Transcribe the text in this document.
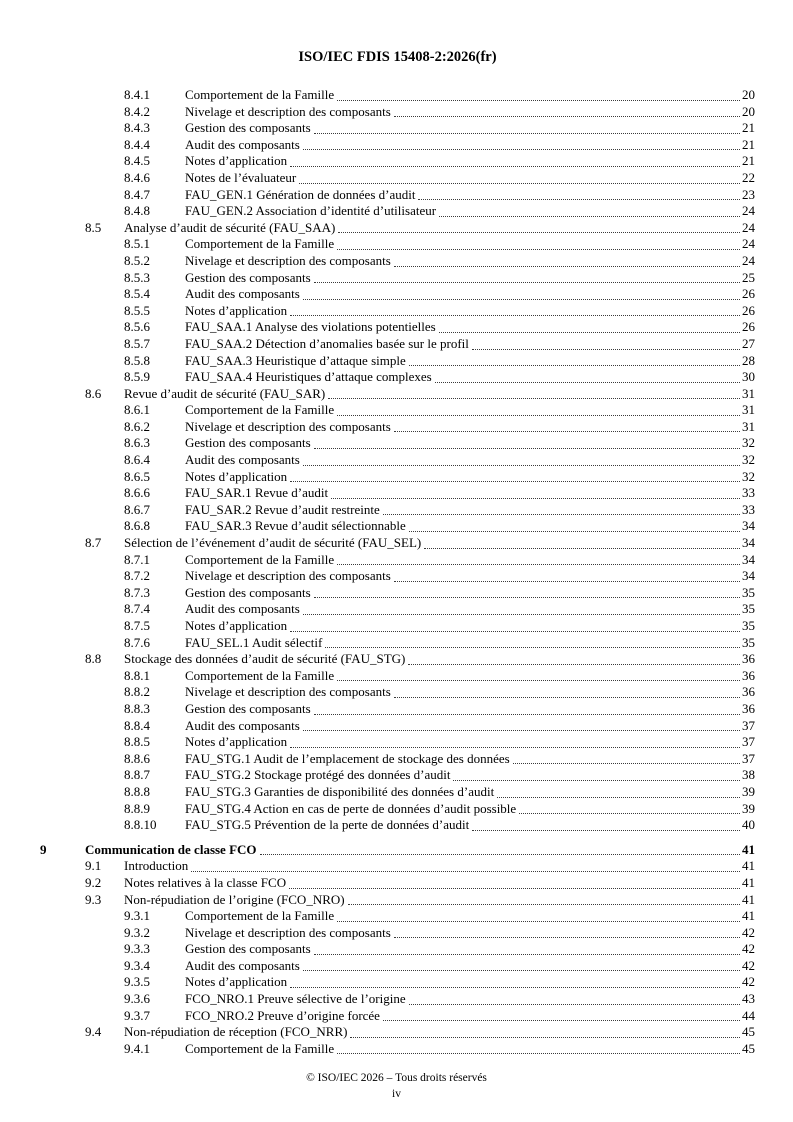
ISO/IEC FDIS 15408-2:2026(fr)
8.4.1	Comportement de la Famille	20
8.4.2	Nivelage et description des composants	20
8.4.3	Gestion des composants	21
8.4.4	Audit des composants	21
8.4.5	Notes d’application	21
8.4.6	Notes de l’évaluateur	22
8.4.7	FAU_GEN.1 Génération de données d’audit	23
8.4.8	FAU_GEN.2 Association d’identité d’utilisateur	24
8.5	Analyse d’audit de sécurité (FAU_SAA)	24
8.5.1	Comportement de la Famille	24
8.5.2	Nivelage et description des composants	24
8.5.3	Gestion des composants	25
8.5.4	Audit des composants	26
8.5.5	Notes d’application	26
8.5.6	FAU_SAA.1 Analyse des violations potentielles	26
8.5.7	FAU_SAA.2 Détection d’anomalies basée sur le profil	27
8.5.8	FAU_SAA.3 Heuristique d’attaque simple	28
8.5.9	FAU_SAA.4 Heuristiques d’attaque complexes	30
8.6	Revue d’audit de sécurité (FAU_SAR)	31
8.6.1	Comportement de la Famille	31
8.6.2	Nivelage et description des composants	31
8.6.3	Gestion des composants	32
8.6.4	Audit des composants	32
8.6.5	Notes d’application	32
8.6.6	FAU_SAR.1 Revue d’audit	33
8.6.7	FAU_SAR.2 Revue d’audit restreinte	33
8.6.8	FAU_SAR.3 Revue d’audit sélectionnable	34
8.7	Sélection de l’événement d’audit de sécurité (FAU_SEL)	34
8.7.1	Comportement de la Famille	34
8.7.2	Nivelage et description des composants	34
8.7.3	Gestion des composants	35
8.7.4	Audit des composants	35
8.7.5	Notes d’application	35
8.7.6	FAU_SEL.1 Audit sélectif	35
8.8	Stockage des données d’audit de sécurité (FAU_STG)	36
8.8.1	Comportement de la Famille	36
8.8.2	Nivelage et description des composants	36
8.8.3	Gestion des composants	36
8.8.4	Audit des composants	37
8.8.5	Notes d’application	37
8.8.6	FAU_STG.1 Audit de l’emplacement de stockage des données	37
8.8.7	FAU_STG.2 Stockage protégé des données d’audit	38
8.8.8	FAU_STG.3 Garanties de disponibilité des données d’audit	39
8.8.9	FAU_STG.4 Action en cas de perte de données d’audit possible	39
8.8.10	FAU_STG.5 Prévention de la perte de données d’audit	40
9	Communication de classe FCO	41
9.1	Introduction	41
9.2	Notes relatives à la classe FCO	41
9.3	Non-répudiation de l’origine (FCO_NRO)	41
9.3.1	Comportement de la Famille	41
9.3.2	Nivelage et description des composants	42
9.3.3	Gestion des composants	42
9.3.4	Audit des composants	42
9.3.5	Notes d’application	42
9.3.6	FCO_NRO.1 Preuve sélective de l’origine	43
9.3.7	FCO_NRO.2 Preuve d’origine forcée	44
9.4	Non-répudiation de réception (FCO_NRR)	45
9.4.1	Comportement de la Famille	45
© ISO/IEC 2026 – Tous droits réservés
iv
